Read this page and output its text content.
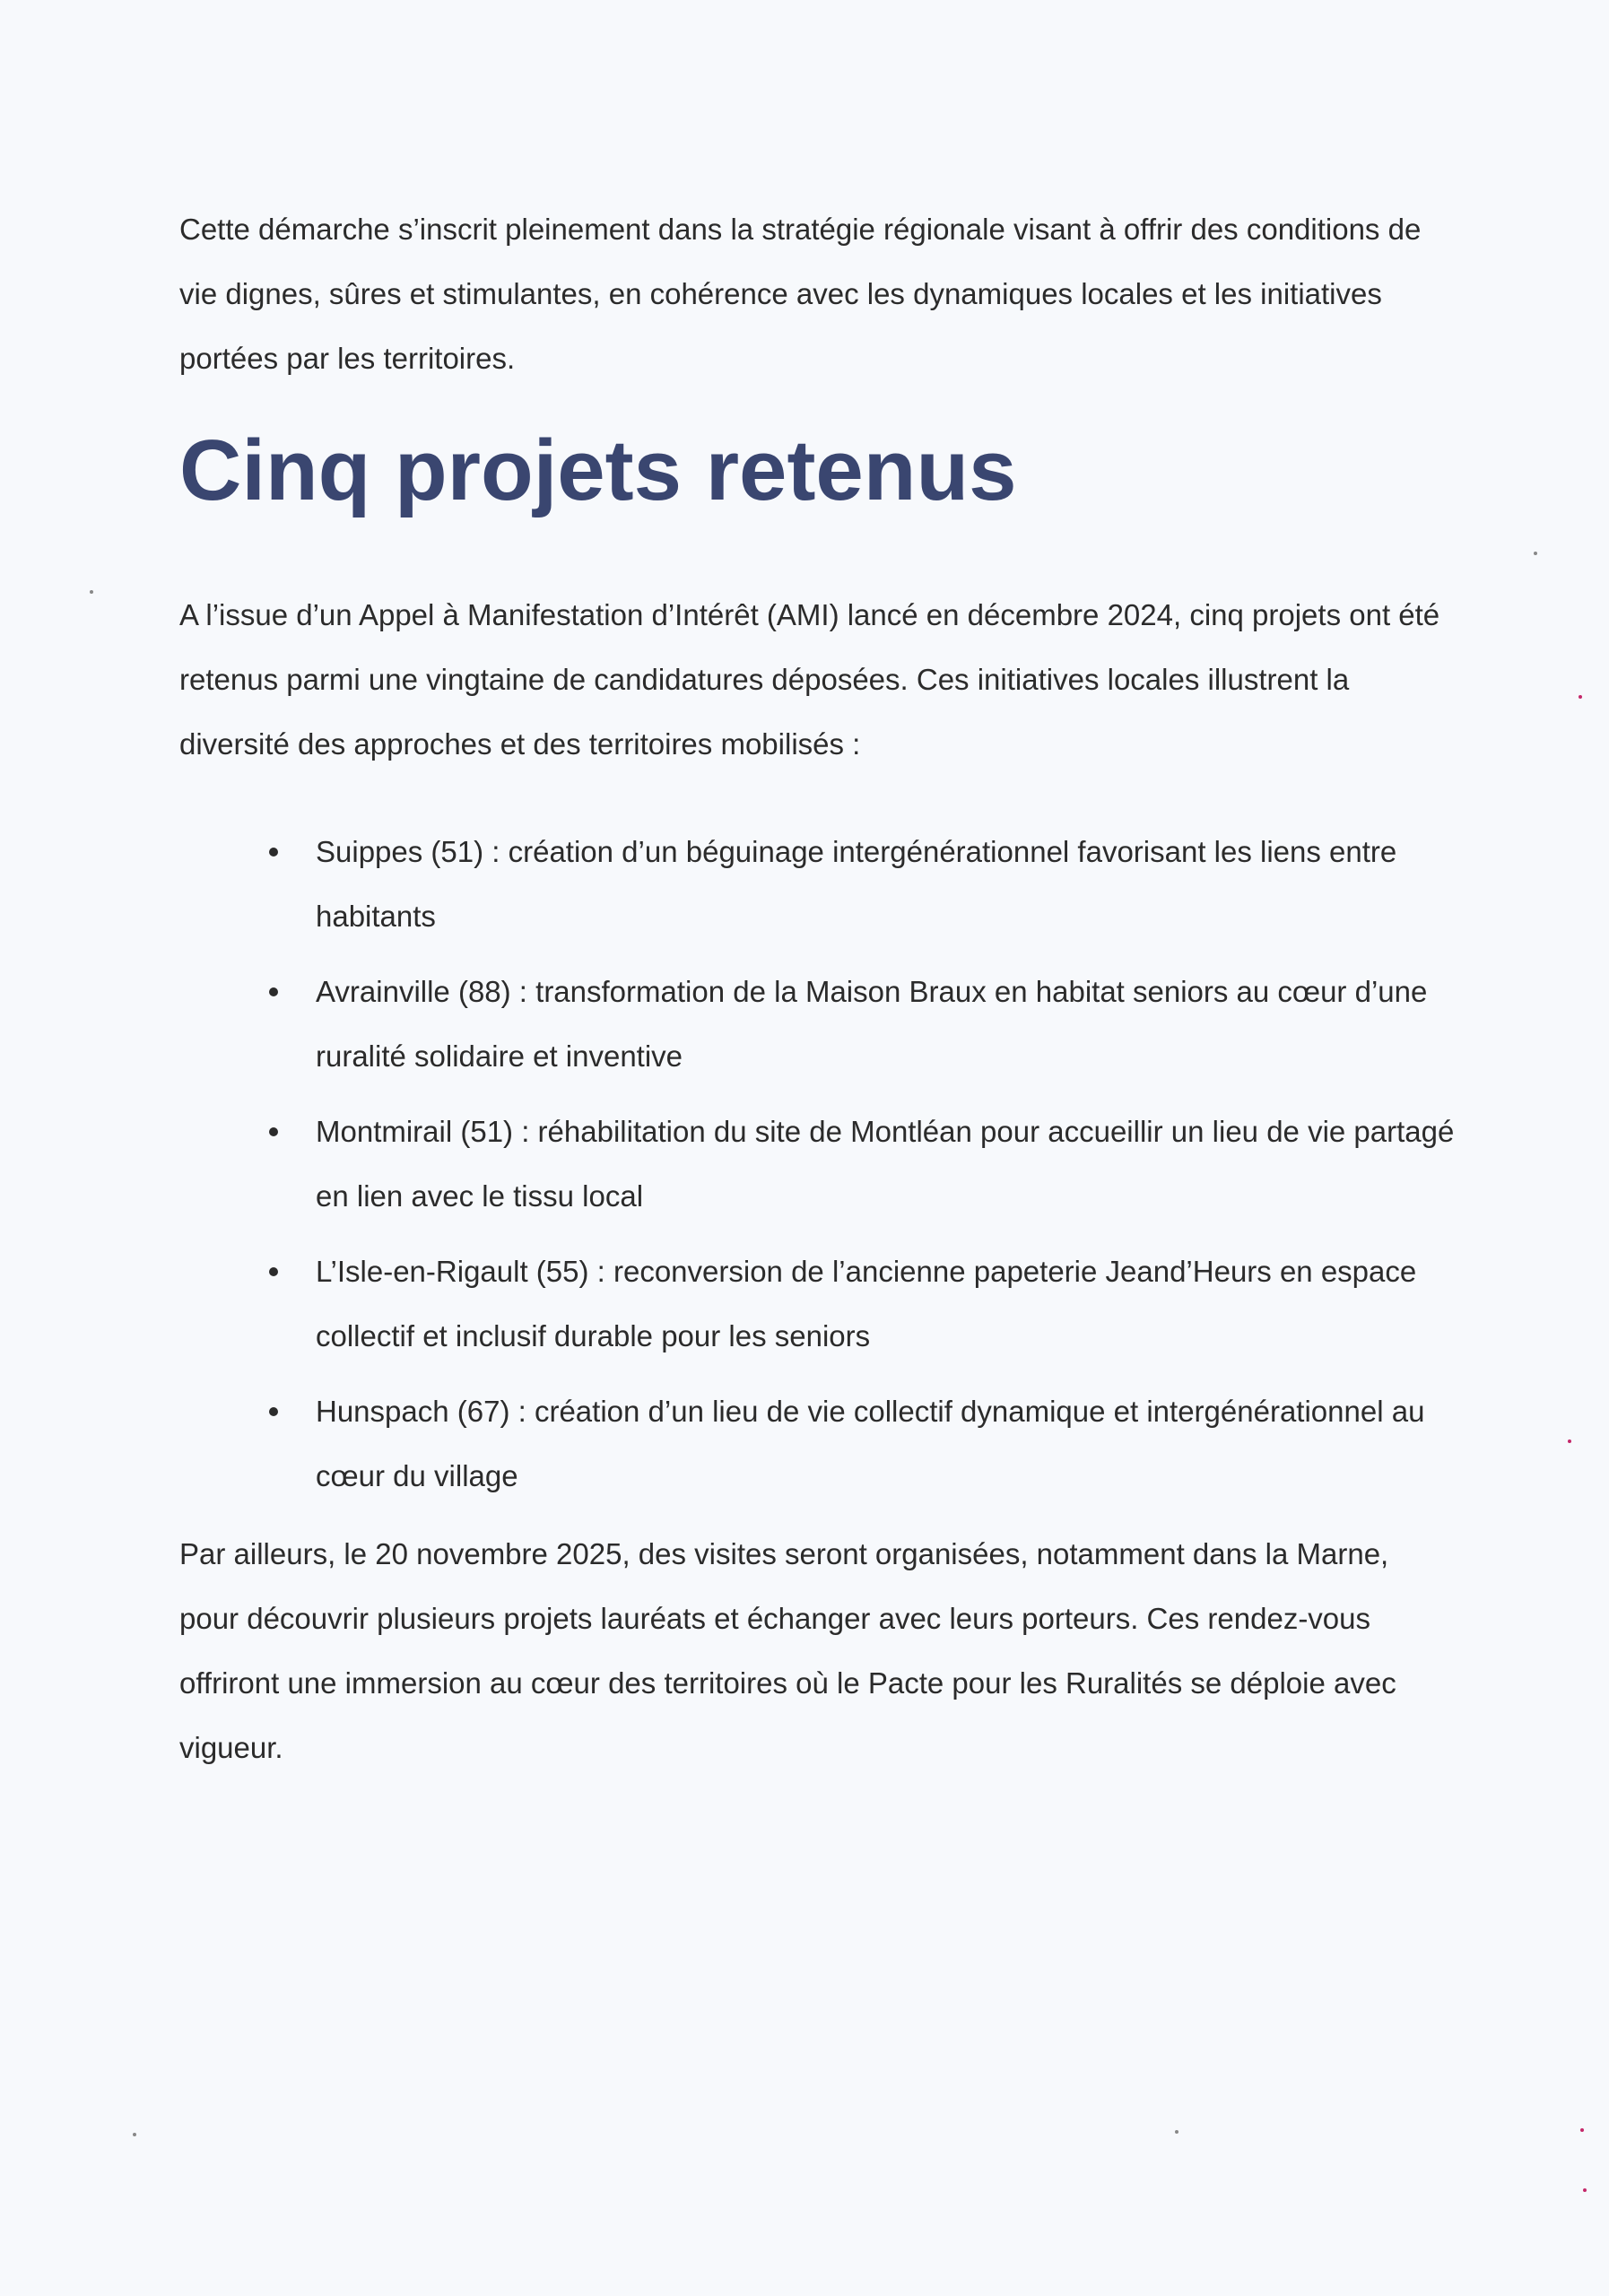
Cette démarche s’inscrit pleinement dans la stratégie régionale visant à offrir des conditions de vie dignes, sûres et stimulantes, en cohérence avec les dynamiques locales et les initiatives portées par les territoires.

Cinq projets retenus

A l’issue d’un Appel à Manifestation d’Intérêt (AMI) lancé en décembre 2024, cinq projets ont été retenus parmi une vingtaine de candidatures déposées. Ces initiatives locales illustrent la diversité des approches et des territoires mobilisés :

Suippes (51) : création d’un béguinage intergénérationnel favorisant les liens entre habitants
Avrainville (88) : transformation de la Maison Braux en habitat seniors au cœur d’une ruralité solidaire et inventive
Montmirail (51) : réhabilitation du site de Montléan pour accueillir un lieu de vie partagé en lien avec le tissu local
L’Isle-en-Rigault (55) : reconversion de l’ancienne papeterie Jeand’Heurs en espace collectif et inclusif durable pour les seniors
Hunspach (67) : création d’un lieu de vie collectif dynamique et intergénérationnel au cœur du village

Par ailleurs, le 20 novembre 2025, des visites seront organisées, notamment dans la Marne, pour découvrir plusieurs projets lauréats et échanger avec leurs porteurs. Ces rendez-vous offriront une immersion au cœur des territoires où le Pacte pour les Ruralités se déploie avec vigueur.
